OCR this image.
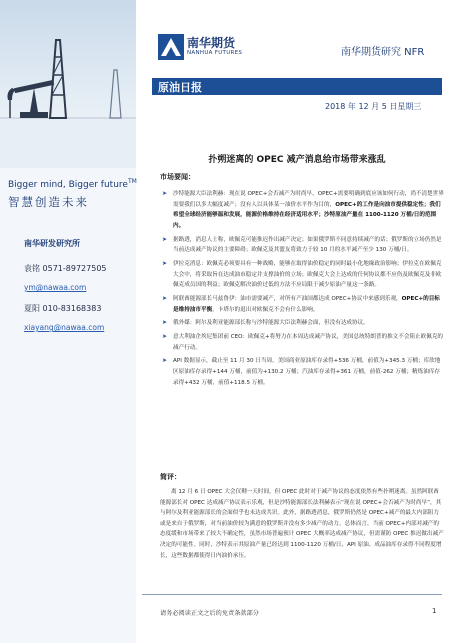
Bigger mind, Bigger future™
智慧创造未来
南华研发研究所
袁铭 0571-89727505
ym@nawaa.com
夏阳 010-83168383
xiayang@nawaa.com
南华期货
NANHUA FUTURES	南华期货研究 NFR
原油日报
2018 年 12 月 5 日星期三
扑朔迷离的 OPEC 减产消息给市场带来涨乱
市场要闻：
➤ 沙特能源大臣法利赫：现在说 OPEC+会否减产为时尚早，OPEC+需要明确到底应该如何行动，尚不清楚世界需要我们以多大幅度减产；没有人以具体某一油价水平作为目的，OPEC+的工作是向油市提供稳定性；我们希望全球经济能够温和发展，能源价格维持在经济适用水平；沙特原油产量在 1100-1120 万桶/日的范围内。
➤ 据路透，消息人士称，欧佩克可能推迟作出减产决定；如果俄罗斯不同意持续减产的话；俄罗斯的立场仍然是当前达成减产协议的主要障碍；欧佩克及其盟友将致力于较 10 月的水平减产至少 130 万桶/日。
➤ 伊拉克消息：欧佩克必须要具有一种战略，能够在取得油价稳定的同时最小化地缘政治影响；伊拉克在欧佩克大会中，将采取旨在达成油市稳定并支撑油价的立场；欧佩克大会上达成的任何协议都不应伤及欧佩克及非欧佩克成员国的利益；欧佩克解决油价过低的方法不应局限于减少原油产量这一条路。
➤ 阿联酋能源部长马兹鲁伊：油市需要减产，对所有产油国都达成 OPEC+协议中来感到乐观，OPEC+的目标是维持油市平衡，卡塔尔的退出对欧佩克不会有什么影响。
➤ 俄外媒：阿尔及利亚能源部长称与沙特能源大臣法利赫会面，但没有达成协议。
➤ 意大利油企埃尼集团前 CEO：欧佩克+将努力在本周达成减产协议，美国总统特朗普的推文不会阻止欧佩克的减产行动。
➤ API 数据显示，截止至 11 月 30 日当周，美国商业原油库存录得+536 万桶，前值为+345.3 万桶；库欣地区原油库存录得+144 万桶，前值为+130.2 万桶；汽油库存录得+361 万桶，前值-262 万桶；精炼油库存录得+432 万桶，前值+118.5 万桶。
简评：
离 12 月 6 日 OPEC 大会仅剩一天时间，但 OPEC 此时对于减产协议的态度依然有些扑朔迷离。虽然阿联酋能源部长对 OPEC 达成减产协议表示乐观，但是沙特能源部长法利赫表示“现在说 OPEC+会否减产为时尚早”，其与阿尔及利亚能源部长的会面似乎也未达成共识。此外，据路透消息，俄罗斯仍然是 OPEC+减产的最大内部阻力或是来自于俄罗斯，对当前油价较为满意的俄罗斯并没有多少减产的动力。总体而言，当前 OPEC+内部对减产的态度缓和市场带来了较大不确定性，虽然市场普遍预计 OPEC 大概率达成减产协议，但需谨防 OPEC 推迟做出减产决定的可能性。同时，沙特表示其原油产量已经达到 1100-1120 万桶/日，API 原油、成品油库存录得不同程度增长，这些数据都使得日内油价承压。
请务必阅读正文之后的免责条款部分	1
